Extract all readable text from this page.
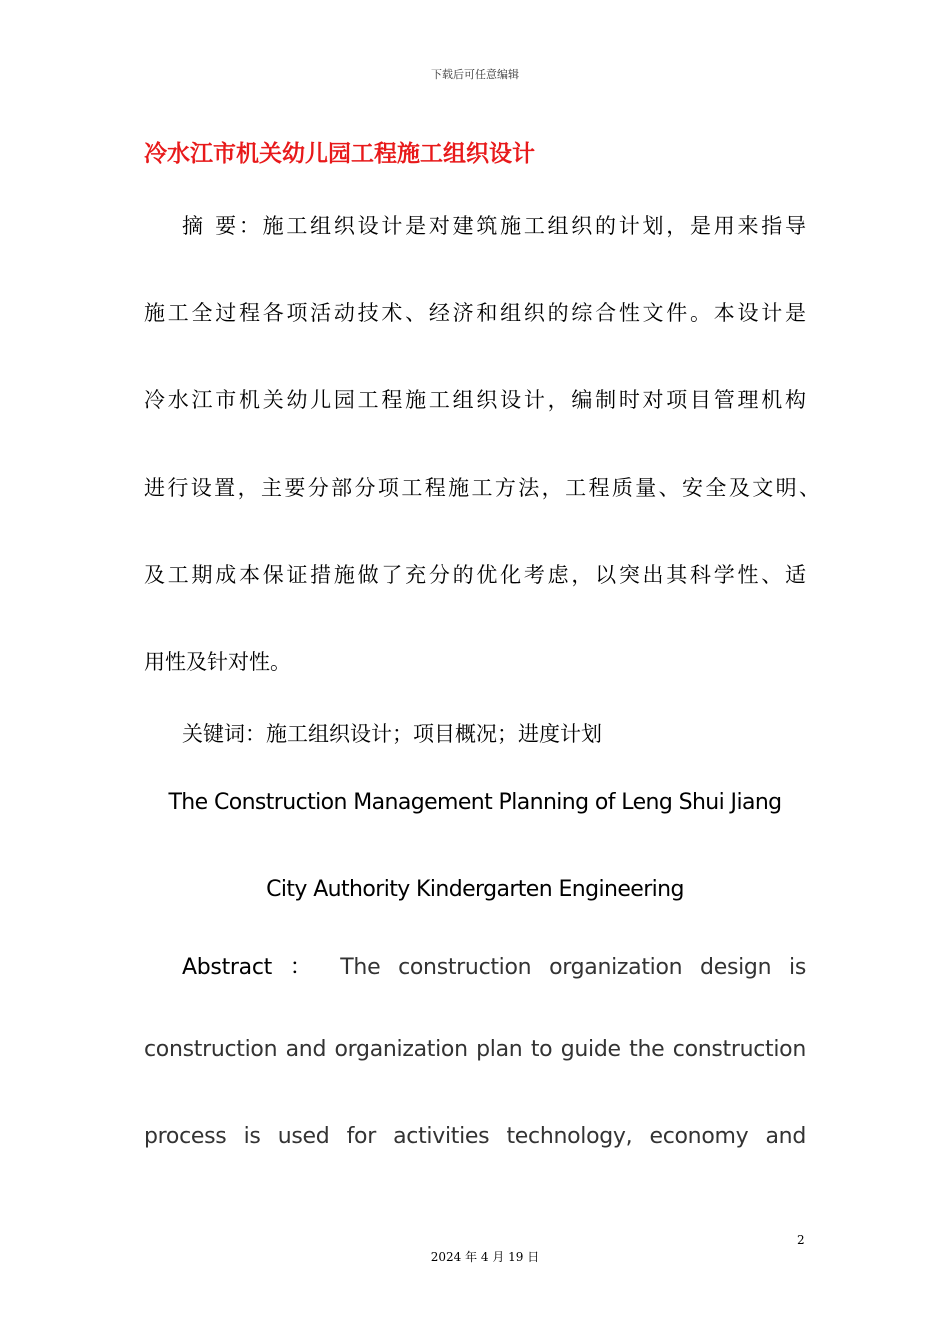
下载后可任意编辑
冷水江市机关幼儿园工程施工组织设计
摘 要：施工组织设计是对建筑施工组织的计划，是用来指导
施工全过程各项活动技术、经济和组织的综合性文件。本设计是
冷水江市机关幼儿园工程施工组织设计，编制时对项目管理机构
进行设置，主要分部分项工程施工方法，工程质量、安全及文明、
及工期成本保证措施做了充分的优化考虑，以突出其科学性、适
用性及针对性。
关键词：施工组织设计；项目概况；进度计划
The Construction Management Planning of Leng Shui Jiang
City Authority Kindergarten Engineering
Abstract ： The construction organization design is
construction and organization plan to guide the construction
process is used for activities technology, economy and
2
2024 年 4 月 19 日
